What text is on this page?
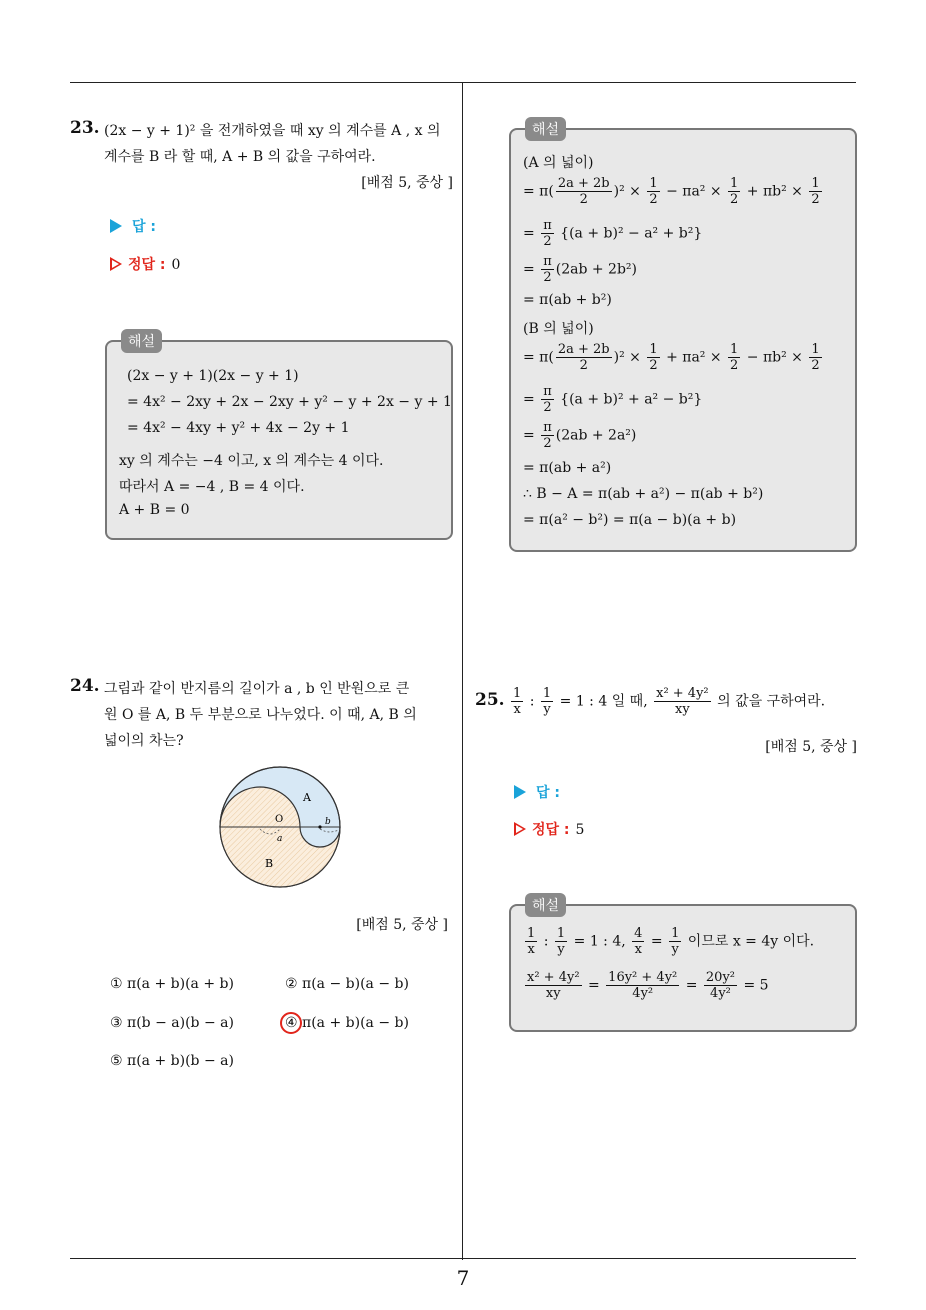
7
23. (2x − y + 1)² 을 전개하였을 때 xy 의 계수를 A , x 의
계수를 B 라 할 때, A + B 의 값을 구하여라.
[배점 5, 중상 ]
답 :
정답 : 0
해설
(2x − y + 1)(2x − y + 1)
= 4x² − 2xy + 2x − 2xy + y² − y + 2x − y + 1
= 4x² − 4xy + y² + 4x − 2y + 1
xy 의 계수는 −4 이고, x 의 계수는 4 이다.
따라서 A = −4 , B = 4 이다.
A + B = 0
24. 그림과 같이 반지름의 길이가 a , b 인 반원으로 큰
원 O 를 A, B 두 부분으로 나누었다. 이 때, A, B 의
넓이의 차는?
A
B
O
a
b
[배점 5, 중상 ]
① π(a + b)(a + b)	② π(a − b)(a − b)
③ π(b − a)(b − a)	④ π(a + b)(a − b)
⑤ π(a + b)(b − a)
해설
(A 의 넓이)
= $\pi( \frac{2a + 2b}{2} )^2 \times \frac{1}{2} - \pi a^2 \times \frac{1}{2} + \pi b^2 \times \frac{1}{2}$
= $\frac{\pi}{2} \{(a + b)^2 - a^2 + b^2\}$
= $\frac{\pi}{2} (2ab + 2b^2)$
= π(ab + b²)
(B 의 넓이)
= $\pi( \frac{2a + 2b}{2} )^2 \times \frac{1}{2} + \pi a^2 \times \frac{1}{2} - \pi b^2 \times \frac{1}{2}$
= $\frac{\pi}{2} \{(a + b)^2 + a^2 - b^2\}$
= $\frac{\pi}{2} (2ab + 2a^2)$
= π(ab + a²)
∴ B − A = π(ab + a²) − π(ab + b²)
= π(a² − b²) = π(a − b)(a + b)
25. $\frac{1}{x}$ : $\frac{1}{y} = 1$ : 4 일 때, $\frac{\text{x² + 4y²}}{xy}$ 의 값을 구하여라.
[배점 5, 중상 ]
답 :
정답 : 5
해설
$\frac{1}{x}$ : $\frac{1}{y} = 1$ : 4, $\frac{4}{x} = \frac{1}{y}$ 이므로 x = 4y 이다.
$\frac{\text{x² + 4y²}}{xy} = \frac{\text{16y² + 4y²}}{\text{4y²}} = \frac{\text{20y²}}{\text{4y²}} = 5$
